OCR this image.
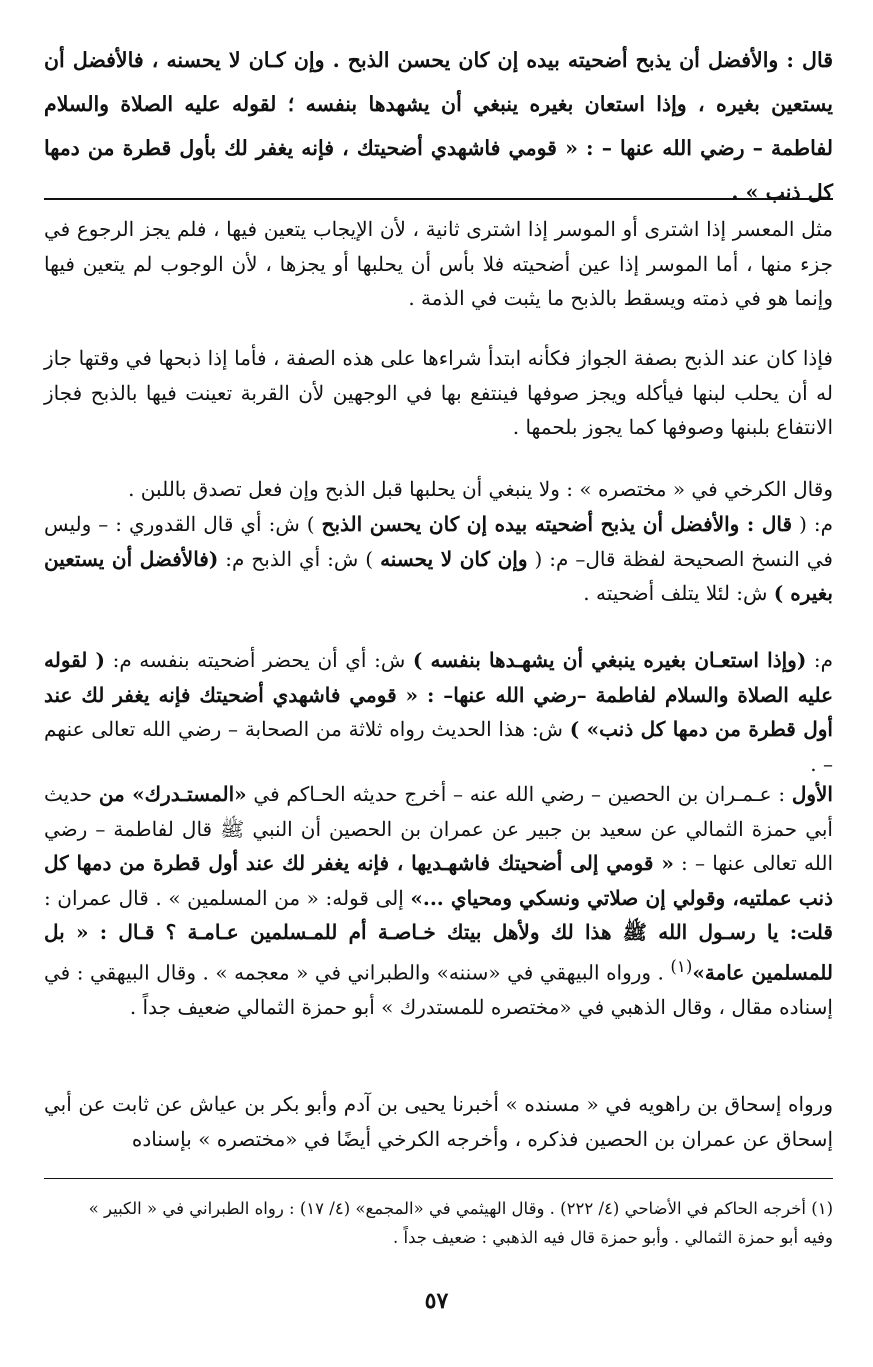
قال : والأفضل أن يذبح أضحيته بيده إن كان يحسن الذبح . وإن كـان لا يحسنه ، فالأفضل أن يستعين بغيره ، وإذا استعان بغيره ينبغي أن يشهدها بنفسه ؛ لقوله عليه الصلاة والسلام لفاطمة – رضي الله عنها – : « قومي فاشهدي أضحيتك ، فإنه يغفر لك بأول قطرة من دمها كل ذنب » .

مثل المعسر إذا اشترى أو الموسر إذا اشترى ثانية ، لأن الإيجاب يتعين فيها ، فلم يجز الرجوع في جزء منها ، أما الموسر إذا عين أضحيته فلا بأس أن يحلبها أو يجزها ، لأن الوجوب لم يتعين فيها وإنما هو في ذمته ويسقط بالذبح ما يثبت في الذمة .

فإذا كان عند الذبح بصفة الجواز فكأنه ابتدأ شراءها على هذه الصفة ، فأما إذا ذبحها في وقتها جاز له أن يحلب لبنها فيأكله ويجز صوفها فينتفع بها في الوجهين لأن القربة تعينت فيها بالذبح فجاز الانتفاع بلبنها وصوفها كما يجوز بلحمها .

وقال الكرخي في « مختصره » : ولا ينبغي أن يحلبها قبل الذبح وإن فعل تصدق باللبن .

م: ( قال : والأفضل أن يذبح أضحيته بيده إن كان يحسن الذبح ) ش: أي قال القدوري : – وليس في النسخ الصحيحة لفظة قال– م: ( وإن كان لا يحسنه ) ش: أي الذبح م: (فالأفضل أن يستعين بغيره ) ش: لئلا يتلف أضحيته .

م: (وإذا استعـان بغيره ينبغي أن يشهـدها بنفسه ) ش: أي أن يحضر أضحيته بنفسه م: ( لقوله عليه الصلاة والسلام لفاطمة –رضي الله عنها– : « قومي فاشهدي أضحيتك فإنه يغفر لك عند أول قطرة من دمها كل ذنب» ) ش: هذا الحديث رواه ثلاثة من الصحابة – رضي الله تعالى عنهم – .

الأول : عـمـران بن الحصين – رضي الله عنه – أخرج حديثه الحـاكم في «المستـدرك» من حديث أبي حمزة الثمالي عن سعيد بن جبير عن عمران بن الحصين أن النبي ﷺ قال لفاطمة – رضي الله تعالى عنها – : « قومي إلى أضحيتك فاشهـديها ، فإنه يغفر لك عند أول قطرة من دمها كل ذنب عملتيه، وقولي إن صلاتي ونسكي ومحياي ...» إلى قوله: « من المسلمين » . قال عمران : قلت: يا رسـول الله ﷺ هذا لك ولأهل بيتك خـاصـة أم للمـسلمين عـامـة ؟ قـال : « بل للمسلمين عامة»$^{(١)}$ . ورواه البيهقي في «سننه» والطبراني في « معجمه » . وقال البيهقي : في إسناده مقال ، وقال الذهبي في «مختصره للمستدرك » أبو حمزة الثمالي ضعيف جداً .

ورواه إسحاق بن راهويه في « مسنده » أخبرنا يحيى بن آدم وأبو بكر بن عياش عن ثابت عن أبي إسحاق عن عمران بن الحصين فذكره ، وأخرجه الكرخي أيضًا في «مختصره » بإسناده

(١) أخرجه الحاكم في الأضاحي (٤/ ٢٢٢) . وقال الهيثمي في «المجمع» (٤/ ١٧) : رواه الطبراني في « الكبير »

وفيه أبو حمزة الثمالي . وأبو حمزة قال فيه الذهبي : ضعيف جداً .

٥٧
